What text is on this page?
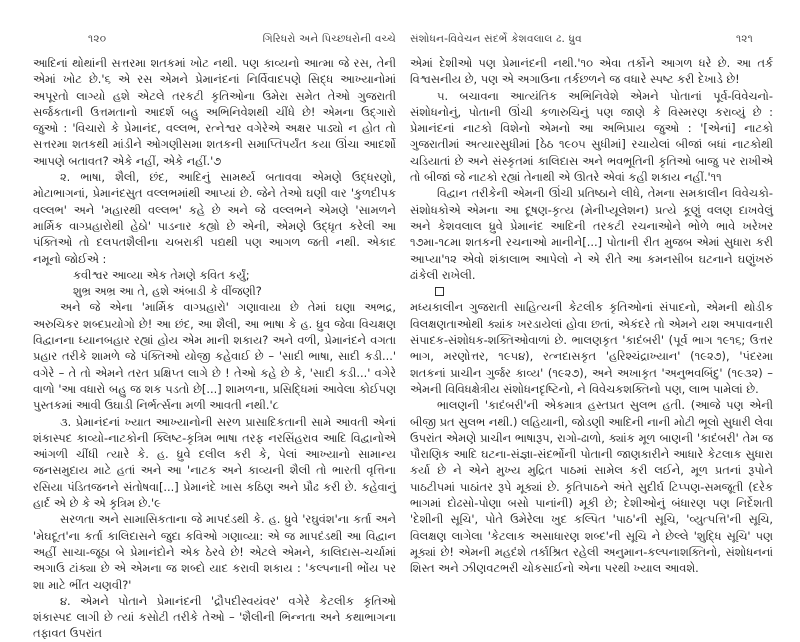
૧૨૦	ગિરિધરો અને પિચ્છધરોની વચ્ચે

આદિનાં થોથાંની સત્તરમા શતકમાં ખોટ નથી. પણ કાવ્યનો આત્મા જે રસ, તેની એમાં ખોટ છે.'૬ એ રસ એમને પ્રેમાનંદનાં નિર્વિવાદપણે સિદ્ધ આખ્યાનોમાં અપૂરતો લાગ્યો હશે એટલે તરકટી કૃતિઓના ઉમેરા સમેત તેઓ ગુજરાતી સર્જકતાની ઉત્તમતાનો આદર્શ બહુ અભિનિવેશથી ચીંધે છે! એમના ઉદ્ગારો જુઓ : 'વિચારો કે પ્રેમાનંદ, વલ્લભ, રત્નેશ્વર વગેરેએ અક્ષર પાડ્યો ન હોત તો સત્તરમા શતકથી માંડીને ઓગણીસમા શતકની સમાપ્તિપર્યંત કયા ઊંચા આદર્શો આપણે બતાવત? એકે નહીં, એકે નહીં.'૭

૨. ભાષા, શૈલી, છંદ, આદિનું સામર્થ્ય બતાવવા એમણે ઉદ્ધરણો, મોટાભાગનાં, પ્રેમાનંદસુત વલ્લભમાંથી આપ્યાં છે. જેને તેઓ ઘણી વાર 'કુળદીપક વલ્લભ' અને 'મહારથી વલ્લભ' કહે છે અને જે વલ્લભને એમણે 'સામળને માર્મિક વાગ્પ્રહારોથી હેઠો' પાડનાર કહ્યો છે એની, એમણે ઉદ્ધૃત કરેલી આ પંક્તિઓ તો દલપતશૈલીના ચબરાકી પદ્યથી પણ આગળ જતી નથી. એકાદ નમૂનો જોઈએ :

કવીશ્વર આવ્યા એક તેમણે કવિત કર્યું;

શુભ્ર અભ્ર આ તે, હશે અંબાડી કે વીંજણી?

અને જે એના 'માર્મિક વાગ્પ્રહારો' ગણાવાયા છે તેમાં ઘણા અભદ્ર, અરુચિકર શબ્દપ્રયોગો છે! આ છંદ, આ શૈલી, આ ભાષા કે હ. ધ્રુવ જેવા વિચક્ષણ વિદ્વાનના ધ્યાનબહાર રહ્યાં હોય એમ માની શકાય? અને વળી, પ્રેમાનંદને વગતા પ્રહાર તરીકે શામળે જે પંક્તિઓ યોજી કહેવાઈ છે – 'સાદી ભાષા, સાદી કડી...' વગેરે – તે તો એમને તરત પ્રક્ષિપ્ત લાગે છે ! તેઓ કહે છે કે, 'સાદી કડી...' વગેરે વાળો 'આ વધારો બહુ જ શક પડતો છે[...] શામળના, પ્રસિદ્ધિમાં આવેલા કોઈપણ પુસ્તકમાં આવી ઉઘાડી નિર્ભર્ત્સના મળી આવતી નથી.'૮

૩. પ્રેમાનંદનાં ખ્યાત આખ્યાનોની સરળ પ્રાસાદિકતાની સામે આવતી એનાં શંકાસ્પદ કાવ્યો-નાટકોની ક્લિષ્ટ-કૃત્રિમ ભાષા તરફ નરસિંહરાવ આદિ વિદ્વાનોએ આંગળી ચીંધી ત્યારે કે. હ. ધ્રુવે દલીલ કરી કે, પેલાં આખ્યાનો સામાન્ય જનસમુદાય માટે હતાં અને આ 'નાટક અને કાવ્યની શૈલી તો ભારતી વૃત્તિના રસિયા પંડિતજનને સંતોષવા[...] પ્રેમાનંદે ખાસ કઠિણ અને પ્રૌઢ કરી છે. કહેવાનું હાર્દ એ છે કે એ કૃત્રિમ છે.'૯

સરળતા અને સામાસિકતાના જે માપદંડથી કે. હ. ધ્રુવે 'રઘુવંશ'ના કર્તા અને 'મેઘદૂત'ના કર્તા કાલિદાસને જુદા કવિઓ ગણાવ્યા: એ જ માપદંડથી આ વિદ્વાન અહીં સાચા-જૂઠા બે પ્રેમાનંદોને એક ઠેરવે છે! એટલે એમને, કાલિદાસ-ચર્ચામાં અગાઉ ટાંક્યા છે એ એમના જ શબ્દો યાદ કરાવી શકાય : 'કલ્પનાની ભોંય પર શા માટે ભીંત ચણવી?'

૪. એમને પોતાને પ્રેમાનંદની 'દ્રૌપદીસ્વયંવર' વગેરે કેટલીક કૃતિઓ શંકાસ્પદ લાગી છે ત્યાં કસોટી તરીકે તેઓ – 'શૈલીની ભિન્નતા અને કથાભાગના તફાવત ઉપરાંત

સંશોધન-વિવેચન સંદર્ભે કેશવલાલ ઢ. ધ્રુવ	૧૨૧

એમાં દેશીઓ પણ પ્રેમાનંદની નથી.'૧૦ એવા તર્કોને આગળ ધરે છે. આ તર્ક વિશ્વસનીય છે, પણ એ અગાઉના તર્કછળને જ વધારે સ્પષ્ટ કરી દેખાડે છે!

૫. બચાવના આત્યંતિક અભિનિવેશે એમને પોતાનાં પૂર્વ-વિવેચનો-સંશોધનોનું, પોતાની ઊંચી કળારુચિનું પણ જાણે કે વિસ્મરણ કરાવ્યું છે : પ્રેમાનંદનાં નાટકો વિશેનો એમનો આ અભિપ્રાય જુઓ : '[એનાં] નાટકો ગુજરાતીમાં અત્યારસુધીમાં [ઠેઠ ૧૯૦૫ સુધીમાં] રચાયેલાં બીજાં બધાં નાટકોથી ચડિયાતાં છે અને સંસ્કૃતમાં કાલિદાસ અને ભવભૂતિની કૃતિઓ બાજુ પર રાખીએ તો બીજાં જે નાટકો રહ્યાં તેનાથી એ ઊતરે એવાં કહી શકાય નહીં.'૧૧

વિદ્વાન તરીકેની એમની ઊંચી પ્રતિષ્ઠાને લીધે, તેમના સમકાલીન વિવેચકો-સંશોધકોએ એમના આ દૂષણ-કૃત્ય (મેનીપ્યૂલેશન) પ્રત્યે કૂણું વલણ દાખવેલું અને કેશવલાલ ધ્રુવે પ્રેમાનંદ આદિની તરકટી રચનાઓને ભોળે ભાવે ખરેખર ૧૭મા-૧૮મા શતકની રચનાઓ માનીને[...] પોતાની રીત મુજબ એમાં સુધારા કરી આપ્યા'૧૨ એવો શંકાલાભ આપેલો ને એ રીતે આ કમનસીબ ઘટનાને ઘણુંખરું ઢાંકેલી રાખેલી.

મધ્યકાલીન ગુજરાતી સાહિત્યની કેટલીક કૃતિઓનાં સંપાદનો, એમની થોડીક વિલક્ષણતાઓથી ક્યાંક ખરડાયેલાં હોવા છતાં, એકંદરે તો એમને યશ અપાવનારી સંપાદક-સંશોધક-શક્તિઓવાળાં છે. ભાલણકૃત 'કાદંબરી' (પૂર્વ ભાગ ૧૯૧૬; ઉત્તર ભાગ, મરણોત્તર, ૧૯૫૪), રત્નદાસકૃત 'હરિશ્ચંદ્રાખ્યાન' (૧૯૨૭), 'પંદરમા શતકનાં પ્રાચીન ગુર્જર કાવ્ય' (૧૯૨૭), અને અખાકૃત 'અનુભવબિંદુ' (૧૯૩૨) – એમની વિવિધક્ષેત્રીય સંશોધનદૃષ્ટિનો, ને વિવેચકશક્તિનો પણ, લાભ પામેલાં છે.

ભાલણની 'કાદંબરી'ની એકમાત્ર હસ્તપ્રત સુલભ હતી. (આજે પણ એની બીજી પ્રત સુલભ નથી.) લહિયાની, જોડણી આદિની નાની મોટી ભૂલો સુધારી લેવા ઉપરાંત એમણે પ્રાચીન ભાષારૂપ, રાગો-ઢાળો, ક્યાંક મૂળ બાણની 'કાદંબરી' તેમ જ પૌરાણિક આદિ ઘટના-સંજ્ઞા-સંદર્ભોની પોતાની જાણકારીને આધારે કેટલાક સુધારા કર્યા છે ને એને મુખ્ય મુદ્રિત પાઠમાં સામેલ કરી લઈને, મૂળ પ્રતનાં રૂપોને પાઠટીપમાં પાઠાંતર રૂપે મૂક્યાં છે. કૃતિપાઠને અંતે સુદીર્ઘ ટિપ્પણ-સમજૂતી (દરેક ભાગમાં દોઢસો-પોણા બસો પાનાંની) મૂકી છે; દેશીઓનું બંધારણ પણ નિર્દેશતી 'દેશીની સૂચિ', પોતે ઉમેરેલા ખુદ કલ્પિત 'પાઠ'ની સૂચિ, 'વ્યુત્પત્તિ'ની સૂચિ, વિલક્ષણ લાગેલા 'કેટલાક અસાધારણ શબ્દ'ની સૂચિ ને છેલ્લે 'શુદ્ધિ સૂચિ' પણ મૂક્યાં છે! એમની મહદંશે તર્કાશ્રિત રહેલી અનુમાન-કલ્પનાશક્તિનો, સંશોધનનાં શિસ્ત અને ઝીણવટભરી ચોકસાઈનો એના પરથી ખ્યાલ આવશે.
